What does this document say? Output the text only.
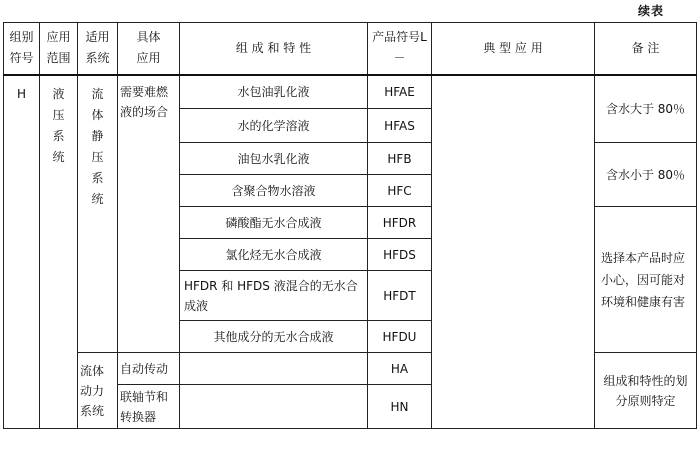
续表
组别符号	应用范围	适用系统	具体应用	组 成 和 特 性	产品符号L－	典 型 应 用	备 注
H	液压系统	流体静压系统	需要难燃液的场合	水包油乳化液	HFAE		含水大于 80％
				水的化学溶液	HFAS		
				油包水乳化液	HFB		含水小于 80％
				含聚合物水溶液	HFC		
				磷酸酯无水合成液	HFDR		选择本产品时应小心，因可能对环境和健康有害
				氯化烃无水合成液	HFDS		
				HFDR 和 HFDS 液混合的无水合成液	HFDT		
				其他成分的无水合成液	HFDU		
		流体动力系统	自动传动		HA		组成和特性的划分原则特定
			联轴节和转换器		HN		
